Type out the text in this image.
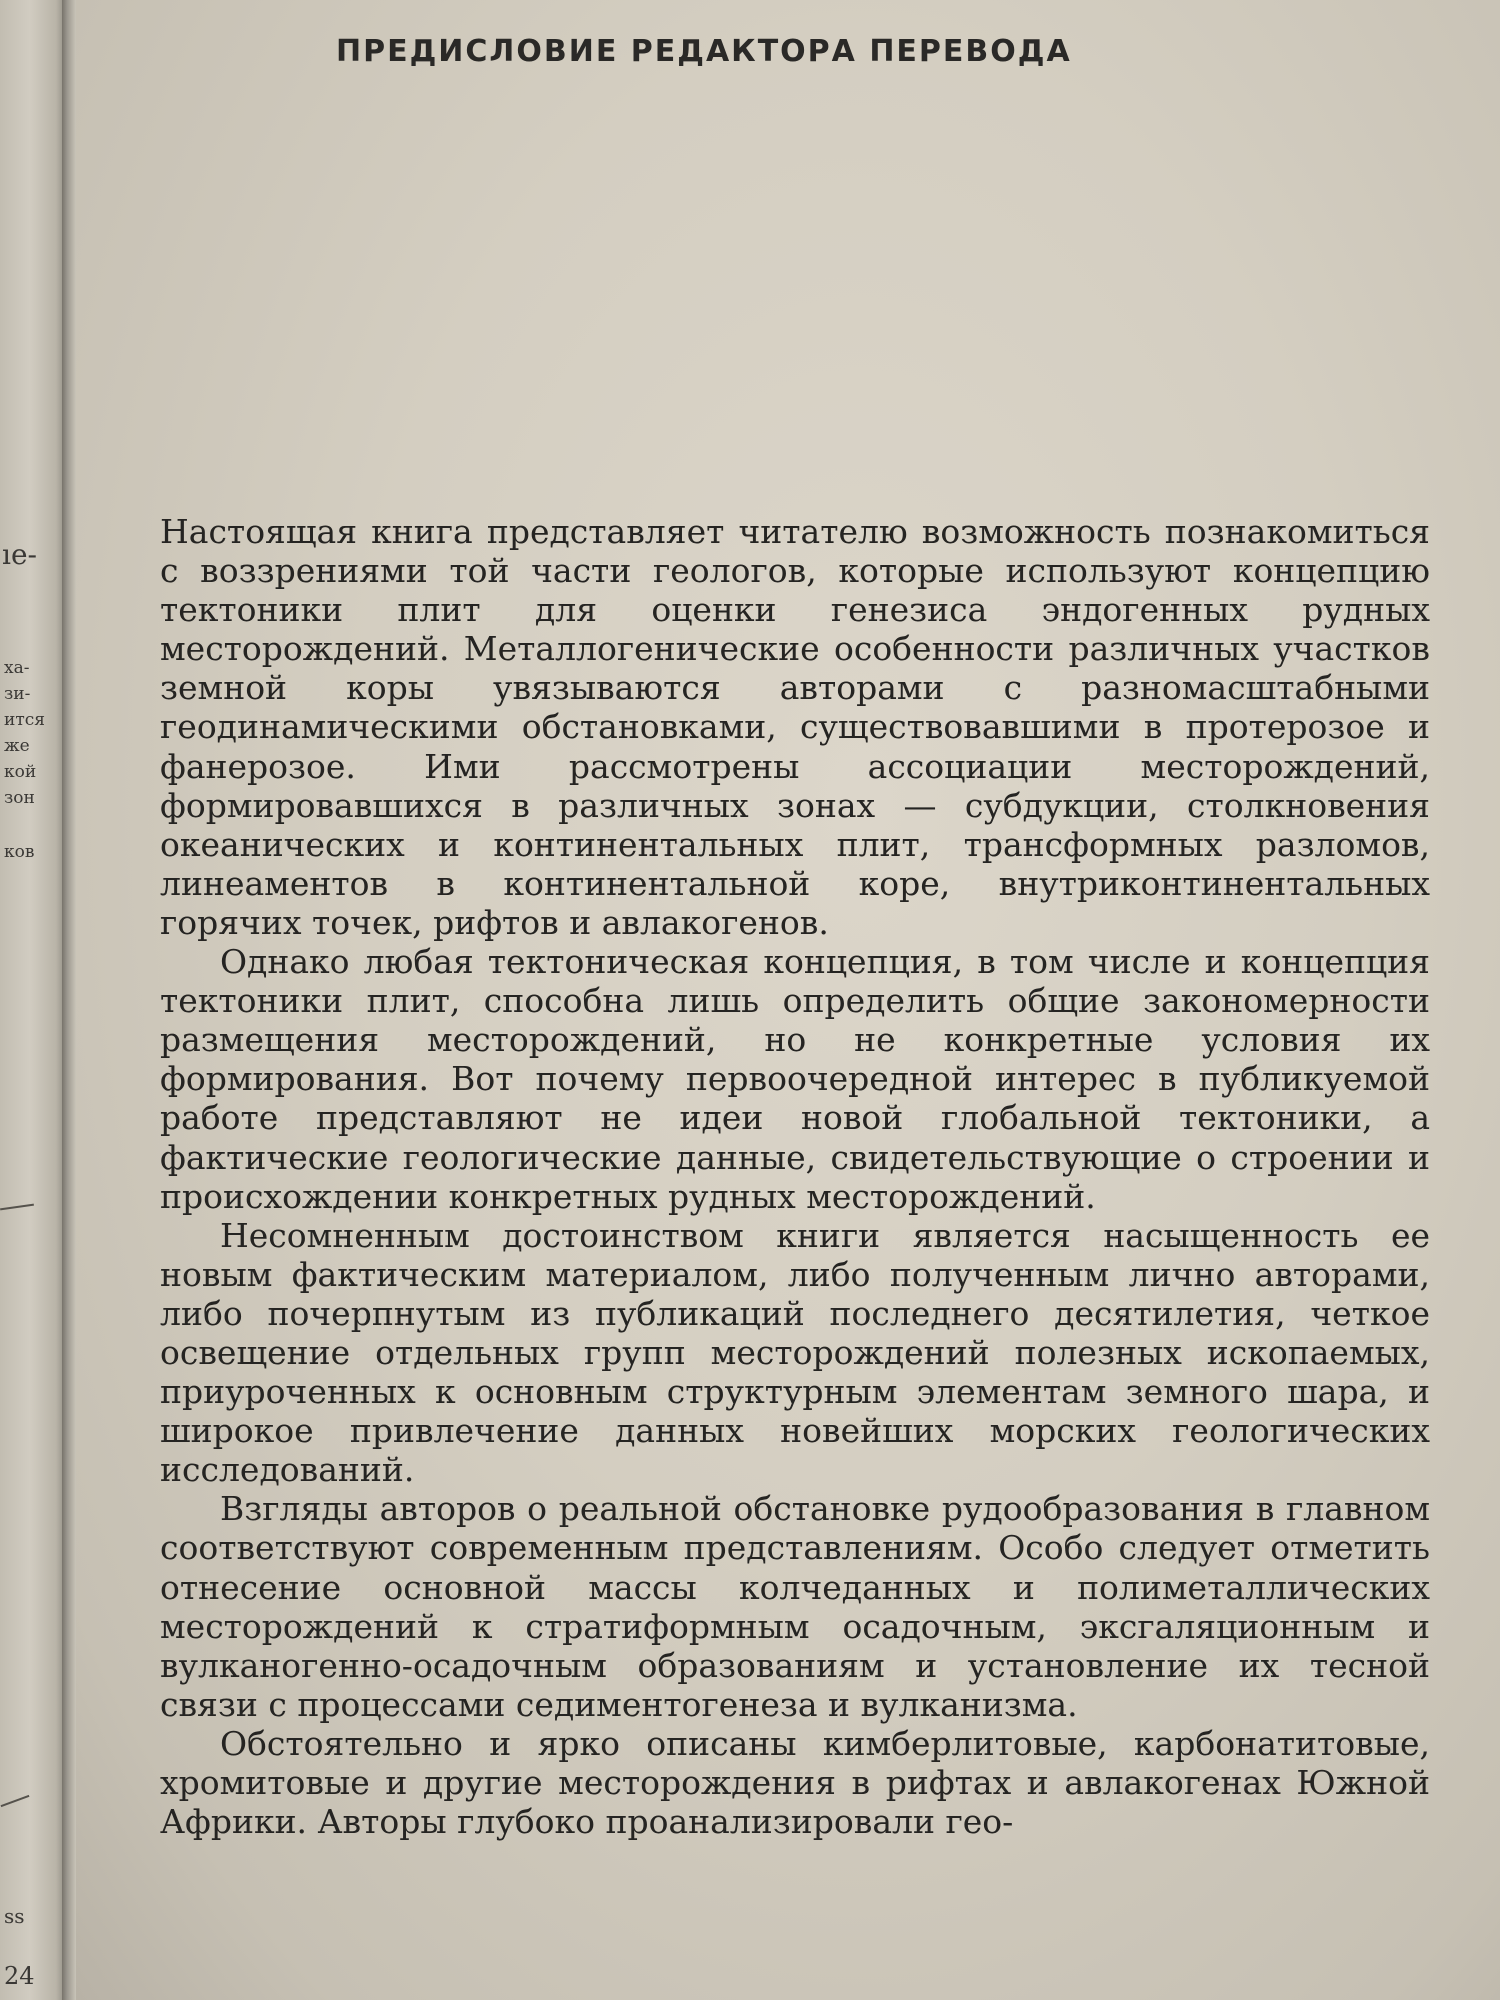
ıе-
ха-
зи-
ится
же
кой
зон
ков
ss
24
ПРЕДИСЛОВИЕ РЕДАКТОРА ПЕРЕВОДА

Настоящая книга представляет читателю возможность познакомиться с воззрениями той части геологов, которые используют концепцию тектоники плит для оценки генезиса эндогенных рудных месторождений. Металлогенические особенности различных участков земной коры увязываются авторами с разномасштабными геодинамическими обстановками, существовавшими в протерозое и фанерозое. Ими рассмотрены ассоциации месторождений, формировавшихся в различных зонах — субдукции, столкновения океанических и континентальных плит, трансформных разломов, линеаментов в континентальной коре, внутриконтинентальных горячих точек, рифтов и авлакогенов.

Однако любая тектоническая концепция, в том числе и концепция тектоники плит, способна лишь определить общие закономерности размещения месторождений, но не конкретные условия их формирования. Вот почему первоочередной интерес в публикуемой работе представляют не идеи новой глобальной тектоники, а фактические геологические данные, свидетельствующие о строении и происхождении конкретных рудных месторождений.

Несомненным достоинством книги является насыщенность ее новым фактическим материалом, либо полученным лично авторами, либо почерпнутым из публикаций последнего десятилетия, четкое освещение отдельных групп месторождений полезных ископаемых, приуроченных к основным структурным элементам земного шара, и широкое привлечение данных новейших морских геологических исследований.

Взгляды авторов о реальной обстановке рудообразования в главном соответствуют современным представлениям. Особо следует отметить отнесение основной массы колчеданных и полиметаллических месторождений к стратиформным осадочным, эксгаляционным и вулканогенно-осадочным образованиям и установление их тесной связи с процессами седиментогенеза и вулканизма.

Обстоятельно и ярко описаны кимберлитовые, карбонатитовые, хромитовые и другие месторождения в рифтах и авлакогенах Южной Африки. Авторы глубоко проанализировали гео-
